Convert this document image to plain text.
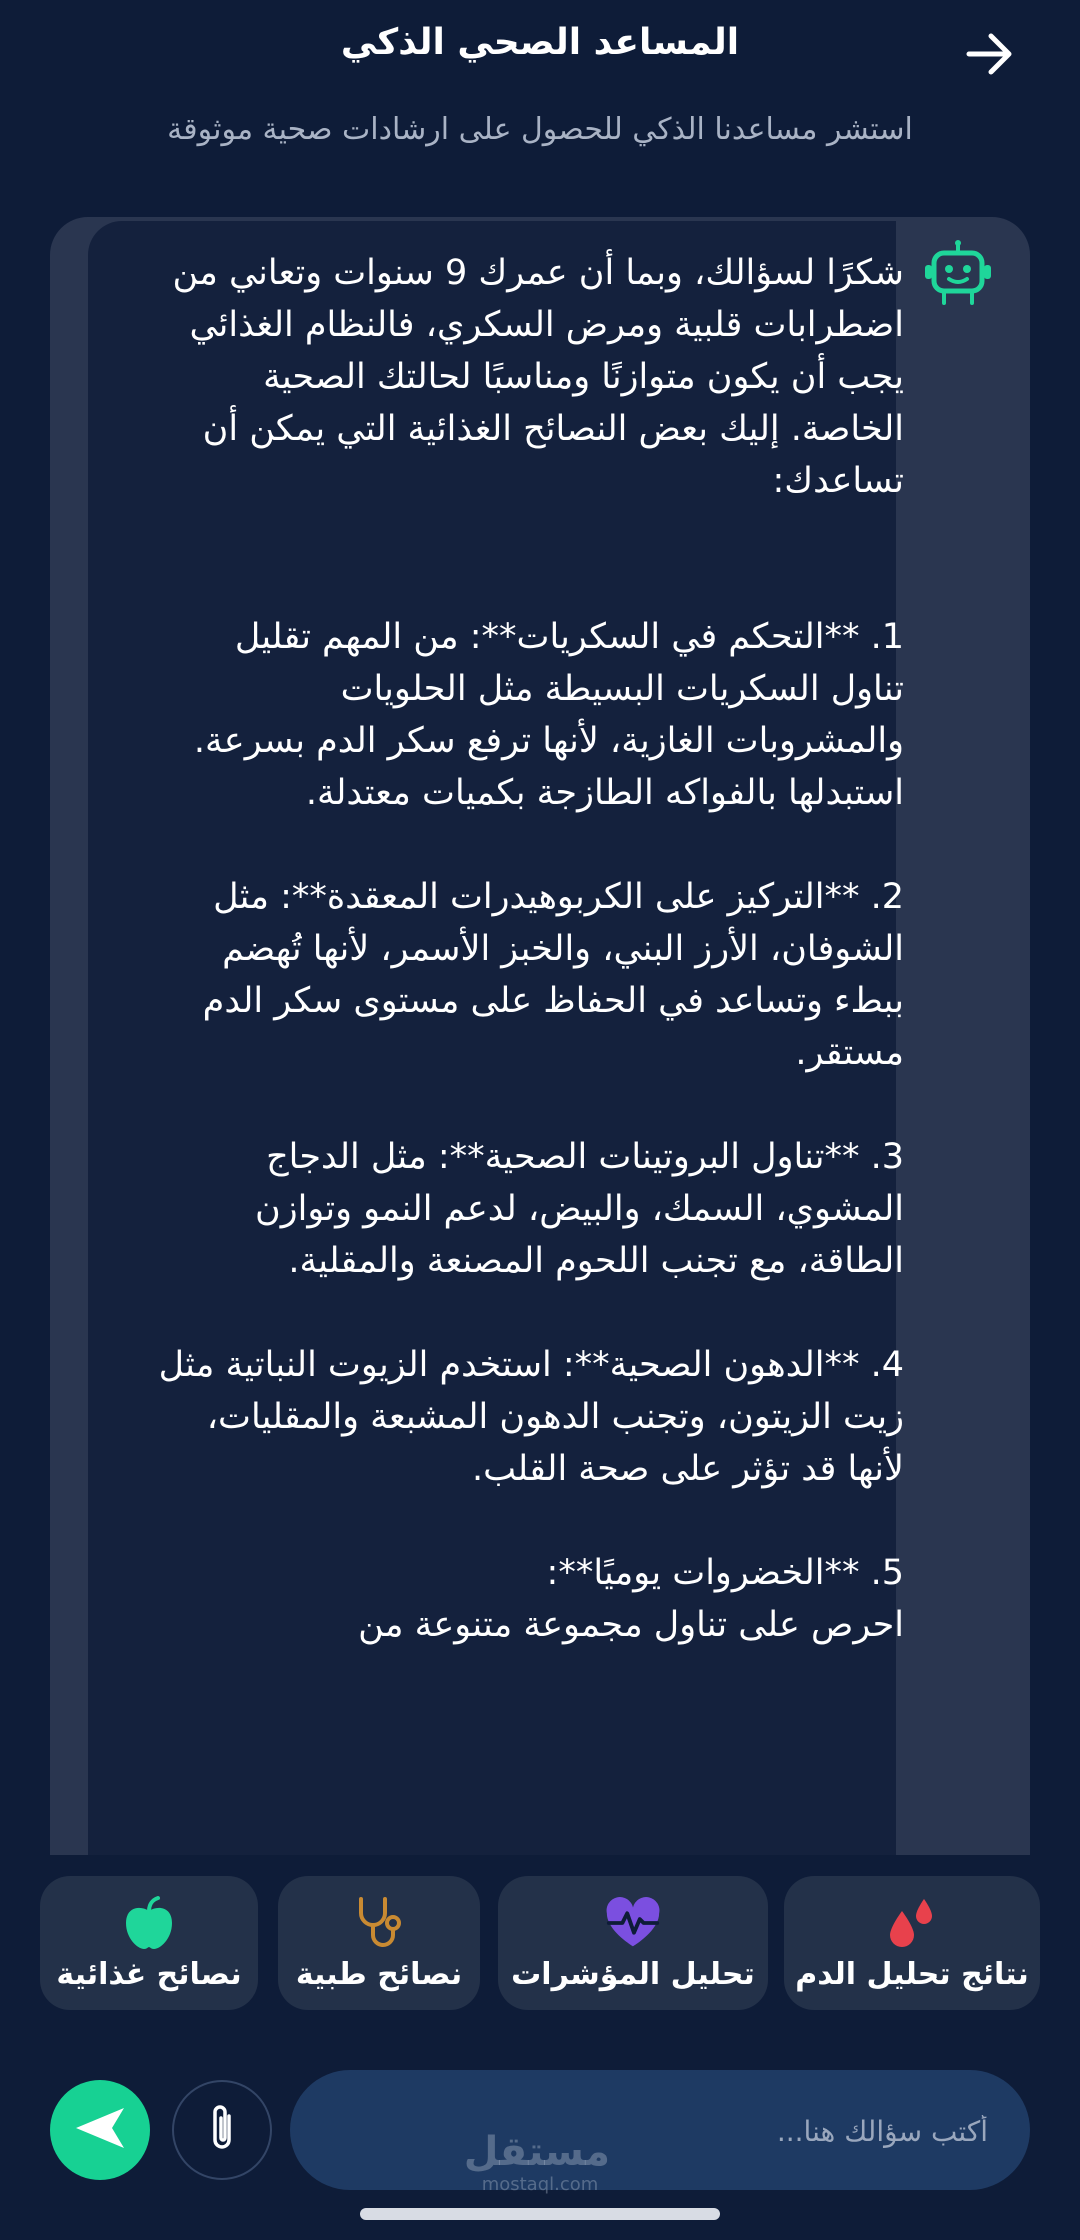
المساعد الصحي الذكي
استشر مساعدنا الذكي للحصول على ارشادات صحية موثوقة
شكرًا لسؤالك، وبما أن عمرك 9 سنوات وتعاني من اضطرابات قلبية ومرض السكري، فالنظام الغذائي يجب أن يكون متوازنًا ومناسبًا لحالتك الصحية الخاصة. إليك بعض النصائح الغذائية التي يمكن أن تساعدك:

1. **التحكم في السكريات**: من المهم تقليل تناول السكريات البسيطة مثل الحلويات والمشروبات الغازية، لأنها ترفع سكر الدم بسرعة. استبدلها بالفواكه الطازجة بكميات معتدلة.

2. **التركيز على الكربوهيدرات المعقدة**: مثل الشوفان، الأرز البني، والخبز الأسمر، لأنها تُهضم ببطء وتساعد في الحفاظ على مستوى سكر الدم مستقر.

3. **تناول البروتينات الصحية**: مثل الدجاج المشوي، السمك، والبيض، لدعم النمو وتوازن الطاقة، مع تجنب اللحوم المصنعة والمقلية.

4. **الدهون الصحية**: استخدم الزيوت النباتية مثل زيت الزيتون، وتجنب الدهون المشبعة والمقليات، لأنها قد تؤثر على صحة القلب.

5. **الخضروات يوميًا**:
احرص على تناول مجموعة متنوعة من
نتائج تحليل الدم
تحليل المؤشرات
نصائح طبية
نصائح غذائية
أكتب سؤالك هنا...
مستقل
mostaql.com
